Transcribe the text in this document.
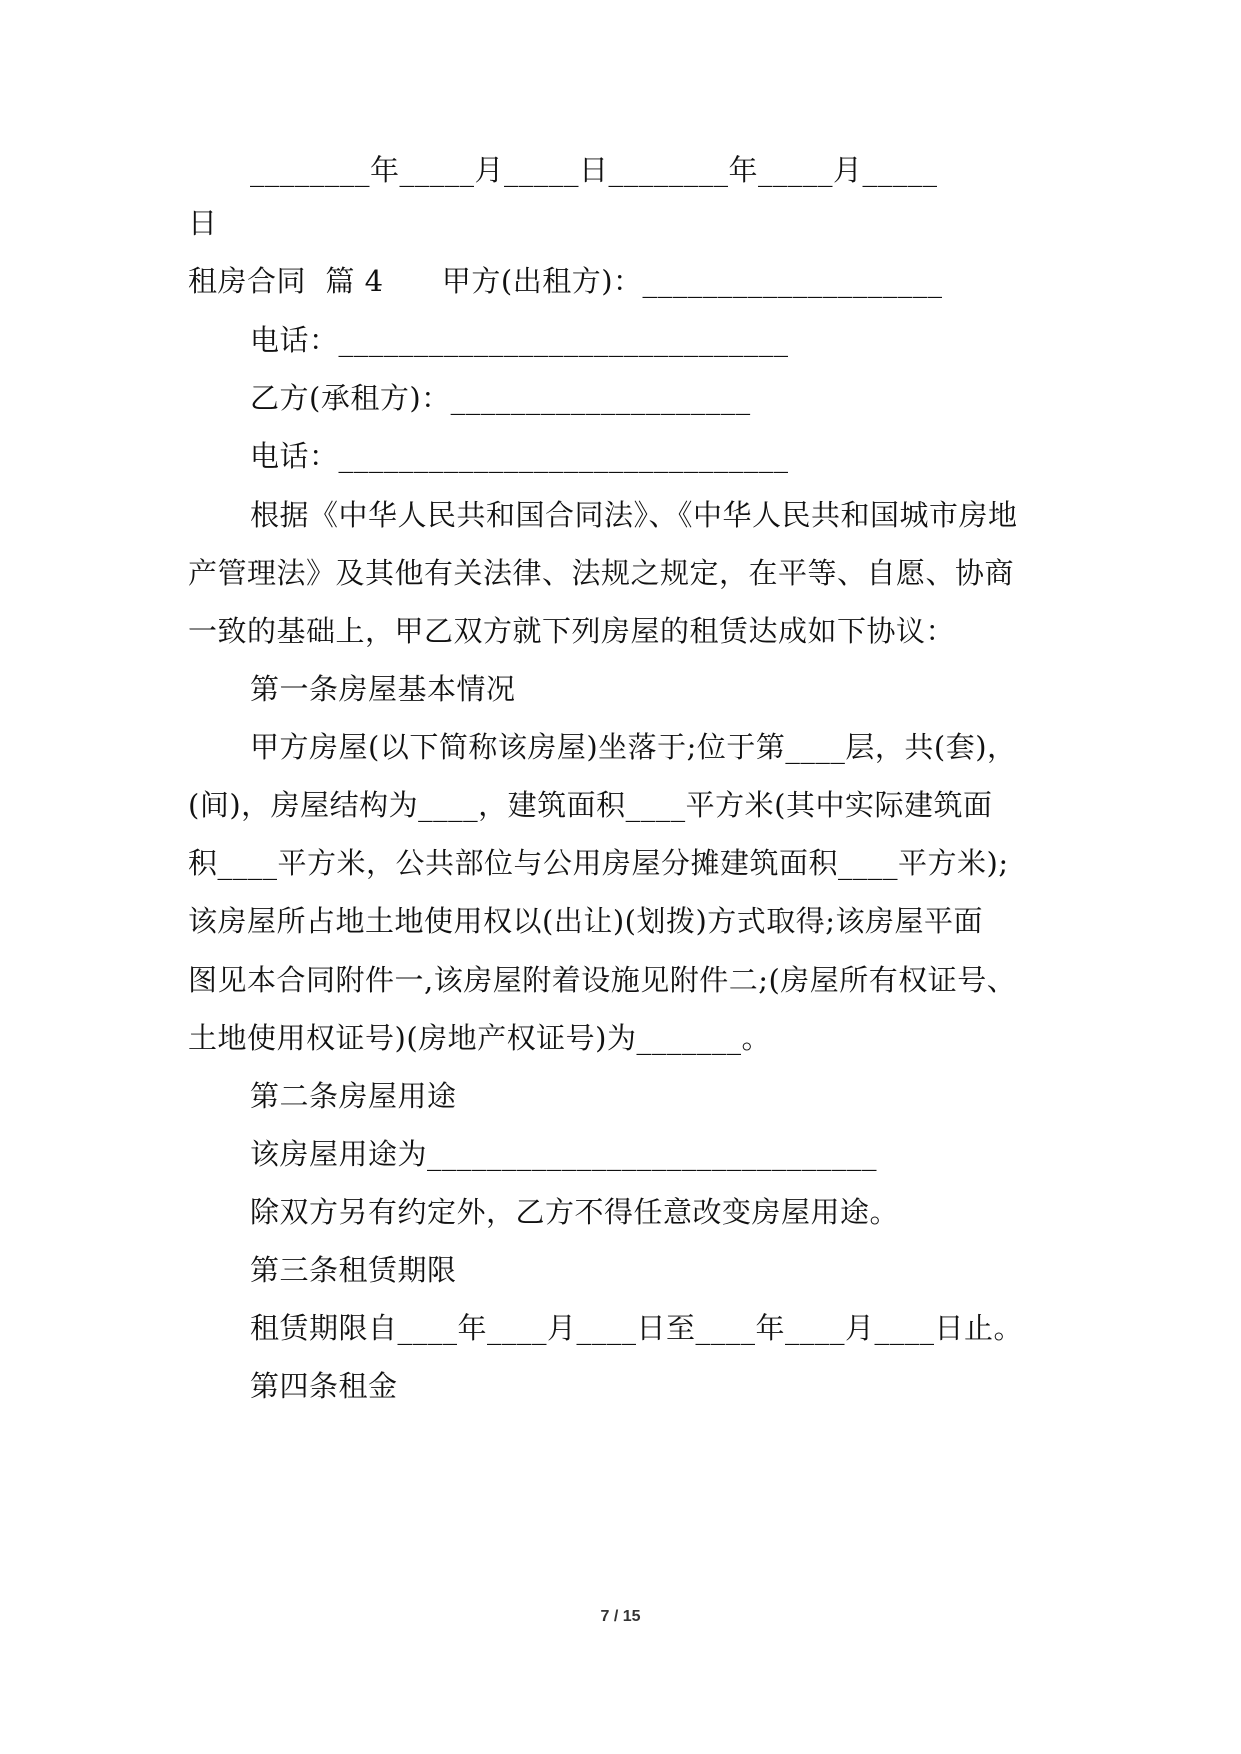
________年_____月_____日________年_____月_____
日
租房合同  篇 4      甲方(出租方)：____________________
电话：______________________________
乙方(承租方)：____________________
电话：______________________________
根据《中华人民共和国合同法》、《中华人民共和国城市房地
产管理法》及其他有关法律、法规之规定，在平等、自愿、协商
一致的基础上，甲乙双方就下列房屋的租赁达成如下协议：
第一条房屋基本情况
甲方房屋(以下简称该房屋)坐落于;位于第____层，共(套)，
(间)，房屋结构为____，建筑面积____平方米(其中实际建筑面
积____平方米，公共部位与公用房屋分摊建筑面积____平方米);
该房屋所占地土地使用权以(出让)(划拨)方式取得;该房屋平面
图见本合同附件一,该房屋附着设施见附件二;(房屋所有权证号、
土地使用权证号)(房地产权证号)为_______。
第二条房屋用途
该房屋用途为______________________________
除双方另有约定外，乙方不得任意改变房屋用途。
第三条租赁期限
租赁期限自____年____月____日至____年____月____日止。
第四条租金
7 / 15
